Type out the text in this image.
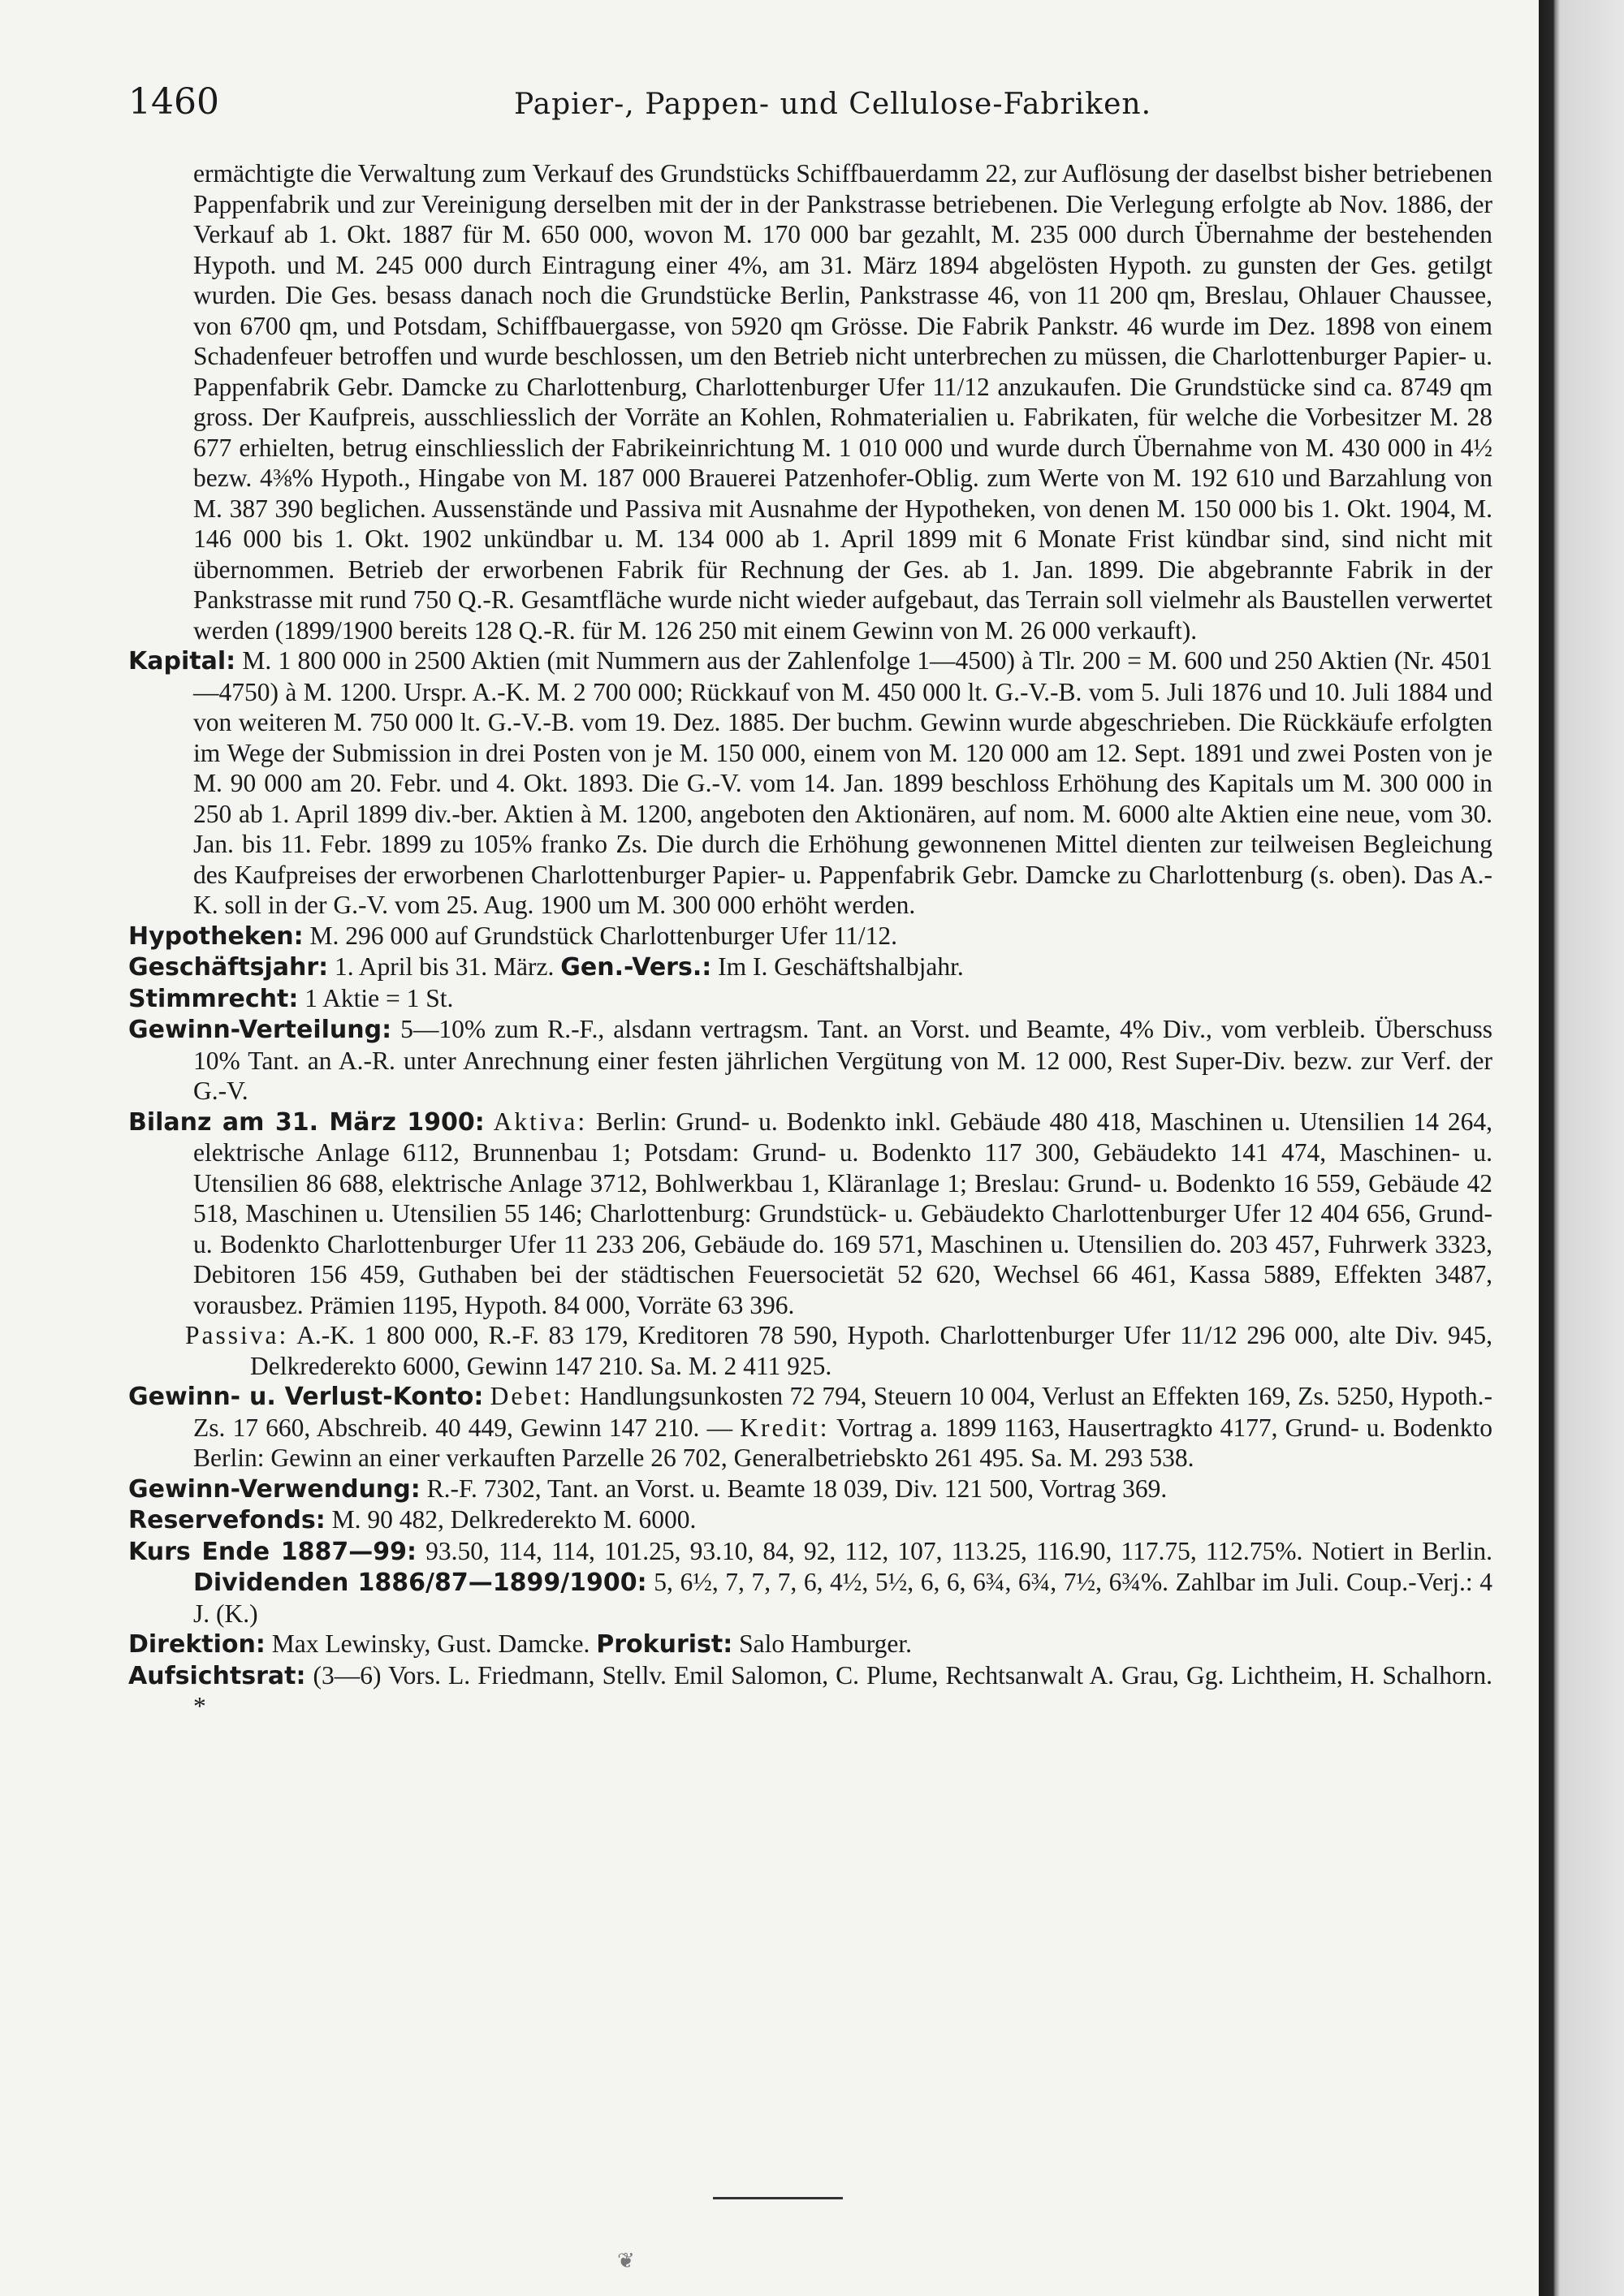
1460	Papier-, Pappen- und Cellulose-Fabriken.

ermächtigte die Verwaltung zum Verkauf des Grundstücks Schiffbauerdamm 22, zur Auflösung der daselbst bisher betriebenen Pappenfabrik und zur Vereinigung derselben mit der in der Pankstrasse betriebenen. Die Verlegung erfolgte ab Nov. 1886, der Verkauf ab 1. Okt. 1887 für M. 650 000, wovon M. 170 000 bar gezahlt, M. 235 000 durch Übernahme der bestehenden Hypoth. und M. 245 000 durch Eintragung einer 4%, am 31. März 1894 abgelösten Hypoth. zu gunsten der Ges. getilgt wurden. Die Ges. besass danach noch die Grundstücke Berlin, Pankstrasse 46, von 11 200 qm, Breslau, Ohlauer Chaussee, von 6700 qm, und Potsdam, Schiffbauergasse, von 5920 qm Grösse. Die Fabrik Pankstr. 46 wurde im Dez. 1898 von einem Schadenfeuer betroffen und wurde beschlossen, um den Betrieb nicht unterbrechen zu müssen, die Charlottenburger Papier- u. Pappenfabrik Gebr. Damcke zu Charlottenburg, Charlottenburger Ufer 11/12 anzukaufen. Die Grundstücke sind ca. 8749 qm gross. Der Kaufpreis, ausschliesslich der Vorräte an Kohlen, Rohmaterialien u. Fabrikaten, für welche die Vorbesitzer M. 28 677 erhielten, betrug einschliesslich der Fabrikeinrichtung M. 1 010 000 und wurde durch Übernahme von M. 430 000 in 4½ bezw. 4⅜% Hypoth., Hingabe von M. 187 000 Brauerei Patzenhofer-Oblig. zum Werte von M. 192 610 und Barzahlung von M. 387 390 beglichen. Aussenstände und Passiva mit Ausnahme der Hypotheken, von denen M. 150 000 bis 1. Okt. 1904, M. 146 000 bis 1. Okt. 1902 unkündbar u. M. 134 000 ab 1. April 1899 mit 6 Monate Frist kündbar sind, sind nicht mit übernommen. Betrieb der erworbenen Fabrik für Rechnung der Ges. ab 1. Jan. 1899. Die abgebrannte Fabrik in der Pankstrasse mit rund 750 Q.-R. Gesamtfläche wurde nicht wieder aufgebaut, das Terrain soll vielmehr als Baustellen verwertet werden (1899/1900 bereits 128 Q.-R. für M. 126 250 mit einem Gewinn von M. 26 000 verkauft).

Kapital: M. 1 800 000 in 2500 Aktien (mit Nummern aus der Zahlenfolge 1—4500) à Tlr. 200 = M. 600 und 250 Aktien (Nr. 4501—4750) à M. 1200. Urspr. A.-K. M. 2 700 000; Rückkauf von M. 450 000 lt. G.-V.-B. vom 5. Juli 1876 und 10. Juli 1884 und von weiteren M. 750 000 lt. G.-V.-B. vom 19. Dez. 1885. Der buchm. Gewinn wurde abgeschrieben. Die Rückkäufe erfolgten im Wege der Submission in drei Posten von je M. 150 000, einem von M. 120 000 am 12. Sept. 1891 und zwei Posten von je M. 90 000 am 20. Febr. und 4. Okt. 1893. Die G.-V. vom 14. Jan. 1899 beschloss Erhöhung des Kapitals um M. 300 000 in 250 ab 1. April 1899 div.-ber. Aktien à M. 1200, angeboten den Aktionären, auf nom. M. 6000 alte Aktien eine neue, vom 30. Jan. bis 11. Febr. 1899 zu 105% franko Zs. Die durch die Erhöhung gewonnenen Mittel dienten zur teilweisen Begleichung des Kaufpreises der erworbenen Charlottenburger Papier- u. Pappenfabrik Gebr. Damcke zu Charlottenburg (s. oben). Das A.-K. soll in der G.-V. vom 25. Aug. 1900 um M. 300 000 erhöht werden.

Hypotheken: M. 296 000 auf Grundstück Charlottenburger Ufer 11/12.

Geschäftsjahr: 1. April bis 31. März. Gen.-Vers.: Im I. Geschäftshalbjahr.

Stimmrecht: 1 Aktie = 1 St.

Gewinn-Verteilung: 5—10% zum R.-F., alsdann vertragsm. Tant. an Vorst. und Beamte, 4% Div., vom verbleib. Überschuss 10% Tant. an A.-R. unter Anrechnung einer festen jährlichen Vergütung von M. 12 000, Rest Super-Div. bezw. zur Verf. der G.-V.

Bilanz am 31. März 1900: Aktiva: Berlin: Grund- u. Bodenkto inkl. Gebäude 480 418, Maschinen u. Utensilien 14 264, elektrische Anlage 6112, Brunnenbau 1; Potsdam: Grund- u. Bodenkto 117 300, Gebäudekto 141 474, Maschinen- u. Utensilien 86 688, elektrische Anlage 3712, Bohlwerkbau 1, Kläranlage 1; Breslau: Grund- u. Bodenkto 16 559, Gebäude 42 518, Maschinen u. Utensilien 55 146; Charlottenburg: Grundstück- u. Gebäudekto Charlottenburger Ufer 12 404 656, Grund- u. Bodenkto Charlottenburger Ufer 11 233 206, Gebäude do. 169 571, Maschinen u. Utensilien do. 203 457, Fuhrwerk 3323, Debitoren 156 459, Guthaben bei der städtischen Feuersocietät 52 620, Wechsel 66 461, Kassa 5889, Effekten 3487, vorausbez. Prämien 1195, Hypoth. 84 000, Vorräte 63 396.

Passiva: A.-K. 1 800 000, R.-F. 83 179, Kreditoren 78 590, Hypoth. Charlottenburger Ufer 11/12 296 000, alte Div. 945, Delkrederekto 6000, Gewinn 147 210. Sa. M. 2 411 925.

Gewinn- u. Verlust-Konto: Debet: Handlungsunkosten 72 794, Steuern 10 004, Verlust an Effekten 169, Zs. 5250, Hypoth.-Zs. 17 660, Abschreib. 40 449, Gewinn 147 210. — Kredit: Vortrag a. 1899 1163, Hausertragkto 4177, Grund- u. Bodenkto Berlin: Gewinn an einer verkauften Parzelle 26 702, Generalbetriebskto 261 495. Sa. M. 293 538.

Gewinn-Verwendung: R.-F. 7302, Tant. an Vorst. u. Beamte 18 039, Div. 121 500, Vortrag 369.

Reservefonds: M. 90 482, Delkrederekto M. 6000.

Kurs Ende 1887—99: 93.50, 114, 114, 101.25, 93.10, 84, 92, 112, 107, 113.25, 116.90, 117.75, 112.75%. Notiert in Berlin. Dividenden 1886/87—1899/1900: 5, 6½, 7, 7, 7, 6, 4½, 5½, 6, 6, 6¾, 6¾, 7½, 6¾%. Zahlbar im Juli. Coup.-Verj.: 4 J. (K.)

Direktion: Max Lewinsky, Gust. Damcke. Prokurist: Salo Hamburger.

Aufsichtsrat: (3—6) Vors. L. Friedmann, Stellv. Emil Salomon, C. Plume, Rechtsanwalt A. Grau, Gg. Lichtheim, H. Schalhorn. *

❦
